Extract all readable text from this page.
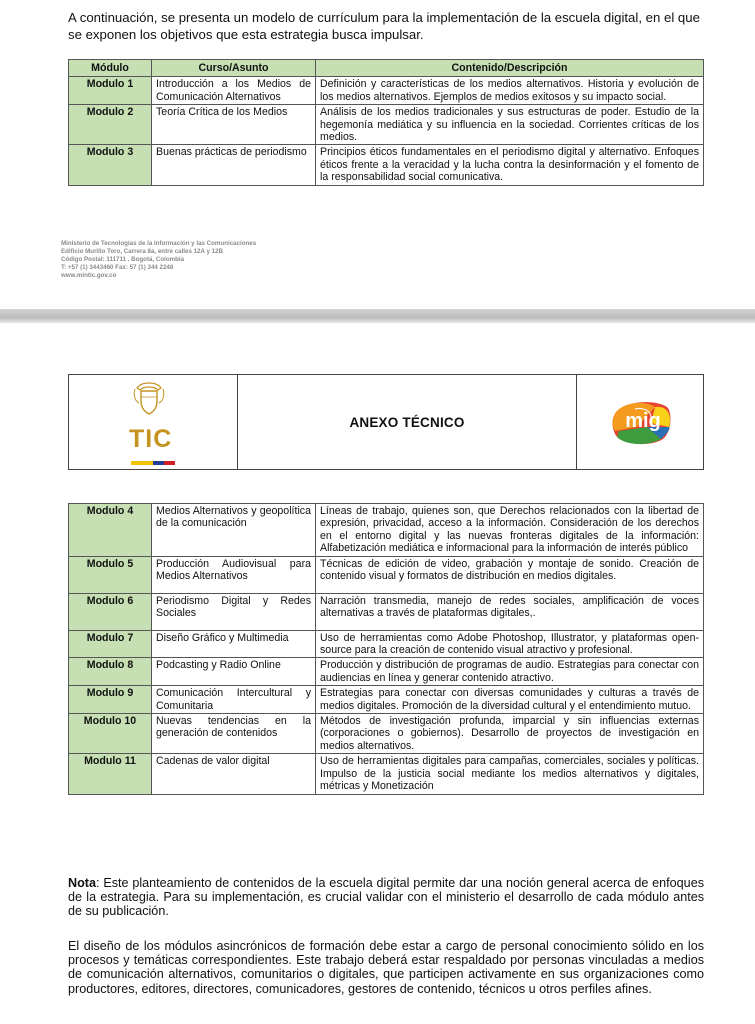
A continuación, se presenta un modelo de currículum para la implementación de la escuela digital, en el que se exponen los objetivos que esta estrategia busca impulsar.
Módulo	Curso/Asunto	Contenido/Descripción
Modulo 1	Introducción a los Medios de Comunicación Alternativos	Definición y características de los medios alternativos. Historia y evolución de los medios alternativos. Ejemplos de medios exitosos y su impacto social.
Modulo 2	Teoría Crítica de los Medios	Análisis de los medios tradicionales y sus estructuras de poder. Estudio de la hegemonía mediática y su influencia en la sociedad. Corrientes críticas de los medios.
Modulo 3	Buenas prácticas de periodismo	Principios éticos fundamentales en el periodismo digital y alternativo. Enfoques éticos frente a la veracidad y la lucha contra la desinformación y el fomento de la responsabilidad social comunicativa.
Ministerio de Tecnologías de la Información y las Comunicaciones
Edificio Murillo Toro, Carrera 8a, entre calles 12A y 12B
Código Postal: 111711 . Bogotá, Colombia
T: +57 (1) 3443460 Fax: 57 (1) 344 2248
www.mintic.gov.co
TIC
ANEXO TÉCNICO	mig
Modulo 4	Medios Alternativos y geopolítica de la comunicación	Líneas de trabajo, quienes son, que Derechos relacionados con la libertad de expresión, privacidad, acceso a la información. Consideración de los derechos en el entorno digital y las nuevas fronteras digitales de la información: Alfabetización mediática e informacional para la información de interés público
Modulo 5	Producción Audiovisual para Medios Alternativos	Técnicas de edición de video, grabación y montaje de sonido. Creación de contenido visual y formatos de distribución en medios digitales.
Modulo 6	Periodismo Digital y Redes Sociales	Narración transmedia, manejo de redes sociales, amplificación de voces alternativas a través de plataformas digitales,.
Modulo 7	Diseño Gráfico y Multimedia	Uso de herramientas como Adobe Photoshop, Illustrator, y plataformas open-source para la creación de contenido visual atractivo y profesional.
Modulo 8	Podcasting y Radio Online	Producción y distribución de programas de audio. Estrategias para conectar con audiencias en línea y generar contenido atractivo.
Modulo 9	Comunicación Intercultural y Comunitaria	Estrategias para conectar con diversas comunidades y culturas a través de medios digitales. Promoción de la diversidad cultural y el entendimiento mutuo.
Modulo 10	Nuevas tendencias en la generación de contenidos	Métodos de investigación profunda, imparcial y sin influencias externas (corporaciones o gobiernos). Desarrollo de proyectos de investigación en medios alternativos.
Modulo 11	Cadenas de valor digital	Uso de herramientas digitales para campañas, comerciales, sociales y políticas. Impulso de la justicia social mediante los medios alternativos y digitales, métricas y Monetización
Nota: Este planteamiento de contenidos de la escuela digital permite dar una noción general acerca de enfoques de la estrategia. Para su implementación, es crucial validar con el ministerio el desarrollo de cada módulo antes de su publicación.
El diseño de los módulos asincrónicos de formación debe estar a cargo de personal conocimiento sólido en los procesos y temáticas correspondientes. Este trabajo deberá estar respaldado por personas vinculadas a medios de comunicación alternativos, comunitarios o digitales, que participen activamente en sus organizaciones como productores, editores, directores, comunicadores, gestores de contenido, técnicos u otros perfiles afines.
